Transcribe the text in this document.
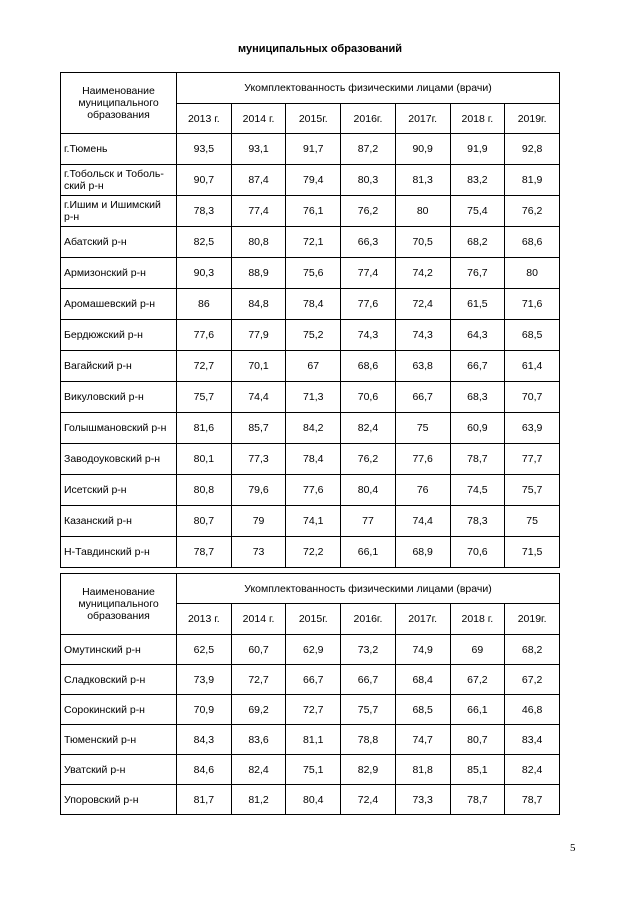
муниципальных образований
Наименование муниципального образования	Укомплектованность физическими лицами (врачи)						
	2013 г.	2014 г.	2015г.	2016г.	2017г.	2018 г.	2019г.
г.Тюмень	93,5	93,1	91,7	87,2	90,9	91,9	92,8
г.Тобольск и Тоболь-ский р-н	90,7	87,4	79,4	80,3	81,3	83,2	81,9
г.Ишим и Ишимский р-н	78,3	77,4	76,1	76,2	80	75,4	76,2
Абатский р-н	82,5	80,8	72,1	66,3	70,5	68,2	68,6
Армизонский р-н	90,3	88,9	75,6	77,4	74,2	76,7	80
Аромашевский р-н	86	84,8	78,4	77,6	72,4	61,5	71,6
Бердюжский р-н	77,6	77,9	75,2	74,3	74,3	64,3	68,5
Вагайский р-н	72,7	70,1	67	68,6	63,8	66,7	61,4
Викуловский р-н	75,7	74,4	71,3	70,6	66,7	68,3	70,7
Голышмановский р-н	81,6	85,7	84,2	82,4	75	60,9	63,9
Заводоуковский р-н	80,1	77,3	78,4	76,2	77,6	78,7	77,7
Исетский р-н	80,8	79,6	77,6	80,4	76	74,5	75,7
Казанский р-н	80,7	79	74,1	77	74,4	78,3	75
Н-Тавдинский р-н	78,7	73	72,2	66,1	68,9	70,6	71,5
Наименование муниципального образования	Укомплектованность физическими лицами (врачи)						
	2013 г.	2014 г.	2015г.	2016г.	2017г.	2018 г.	2019г.
Омутинский р-н	62,5	60,7	62,9	73,2	74,9	69	68,2
Сладковский р-н	73,9	72,7	66,7	66,7	68,4	67,2	67,2
Сорокинский р-н	70,9	69,2	72,7	75,7	68,5	66,1	46,8
Тюменский р-н	84,3	83,6	81,1	78,8	74,7	80,7	83,4
Уватский р-н	84,6	82,4	75,1	82,9	81,8	85,1	82,4
Упоровский р-н	81,7	81,2	80,4	72,4	73,3	78,7	78,7
5
